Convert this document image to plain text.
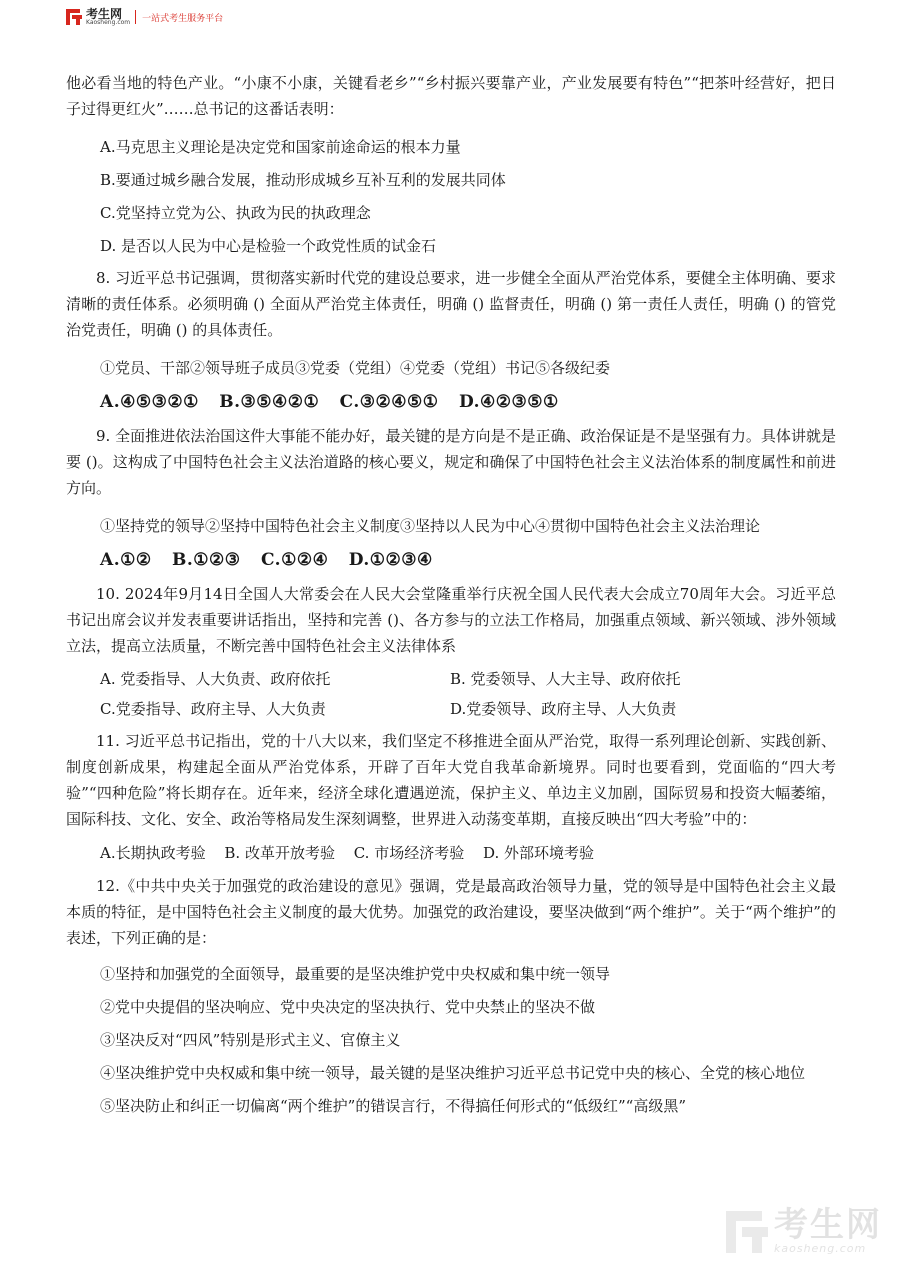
考生网
Kaosheng.com 一站式考生服务平台

他必看当地的特色产业。“小康不小康，关键看老乡”“乡村振兴要靠产业，产业发展要有特色”“把茶叶经营好，把日子过得更红火”……总书记的这番话表明：

A.马克思主义理论是决定党和国家前途命运的根本力量

B.要通过城乡融合发展，推动形成城乡互补互利的发展共同体

C.党坚持立党为公、执政为民的执政理念

D. 是否以人民为中心是检验一个政党性质的试金石

8. 习近平总书记强调，贯彻落实新时代党的建设总要求，进一步健全全面从严治党体系，要健全主体明确、要求清晰的责任体系。必须明确 () 全面从严治党主体责任，明确 () 监督责任，明确 () 第一责任人责任，明确 () 的管党治党责任，明确 () 的具体责任。

①党员、干部②领导班子成员③党委（党组）④党委（党组）书记⑤各级纪委

A.④⑤③②① B.③⑤④②① C.③②④⑤① D.④②③⑤①

9. 全面推进依法治国这件大事能不能办好，最关键的是方向是不是正确、政治保证是不是坚强有力。具体讲就是要 ()。这构成了中国特色社会主义法治道路的核心要义，规定和确保了中国特色社会主义法治体系的制度属性和前进方向。

①坚持党的领导②坚持中国特色社会主义制度③坚持以人民为中心④贯彻中国特色社会主义法治理论

A.①② B.①②③ C.①②④ D.①②③④

10. 2024年9月14日全国人大常委会在人民大会堂隆重举行庆祝全国人民代表大会成立70周年大会。习近平总书记出席会议并发表重要讲话指出，坚持和完善 ()、各方参与的立法工作格局，加强重点领域、新兴领域、涉外领域立法，提高立法质量，不断完善中国特色社会主义法律体系

A. 党委指导、人大负责、政府依托	B. 党委领导、人大主导、政府依托
C.党委指导、政府主导、人大负责	D.党委领导、政府主导、人大负责

11. 习近平总书记指出，党的十八大以来，我们坚定不移推进全面从严治党，取得一系列理论创新、实践创新、制度创新成果，构建起全面从严治党体系，开辟了百年大党自我革命新境界。同时也要看到，党面临的“四大考验”“四种危险”将长期存在。近年来，经济全球化遭遇逆流，保护主义、单边主义加剧，国际贸易和投资大幅萎缩，国际科技、文化、安全、政治等格局发生深刻调整，世界进入动荡变革期，直接反映出“四大考验”中的：

A.长期执政考验 B. 改革开放考验 C. 市场经济考验 D. 外部环境考验

12.《中共中央关于加强党的政治建设的意见》强调，党是最高政治领导力量，党的领导是中国特色社会主义最本质的特征，是中国特色社会主义制度的最大优势。加强党的政治建设，要坚决做到“两个维护”。关于“两个维护”的表述，下列正确的是：

①坚持和加强党的全面领导，最重要的是坚决维护党中央权威和集中统一领导

②党中央提倡的坚决响应、党中央决定的坚决执行、党中央禁止的坚决不做

③坚决反对“四风”特别是形式主义、官僚主义

④坚决维护党中央权威和集中统一领导，最关键的是坚决维护习近平总书记党中央的核心、全党的核心地位

⑤坚决防止和纠正一切偏离“两个维护”的错误言行，不得搞任何形式的“低级红”“高级黑”

考生网
kaosheng.com
